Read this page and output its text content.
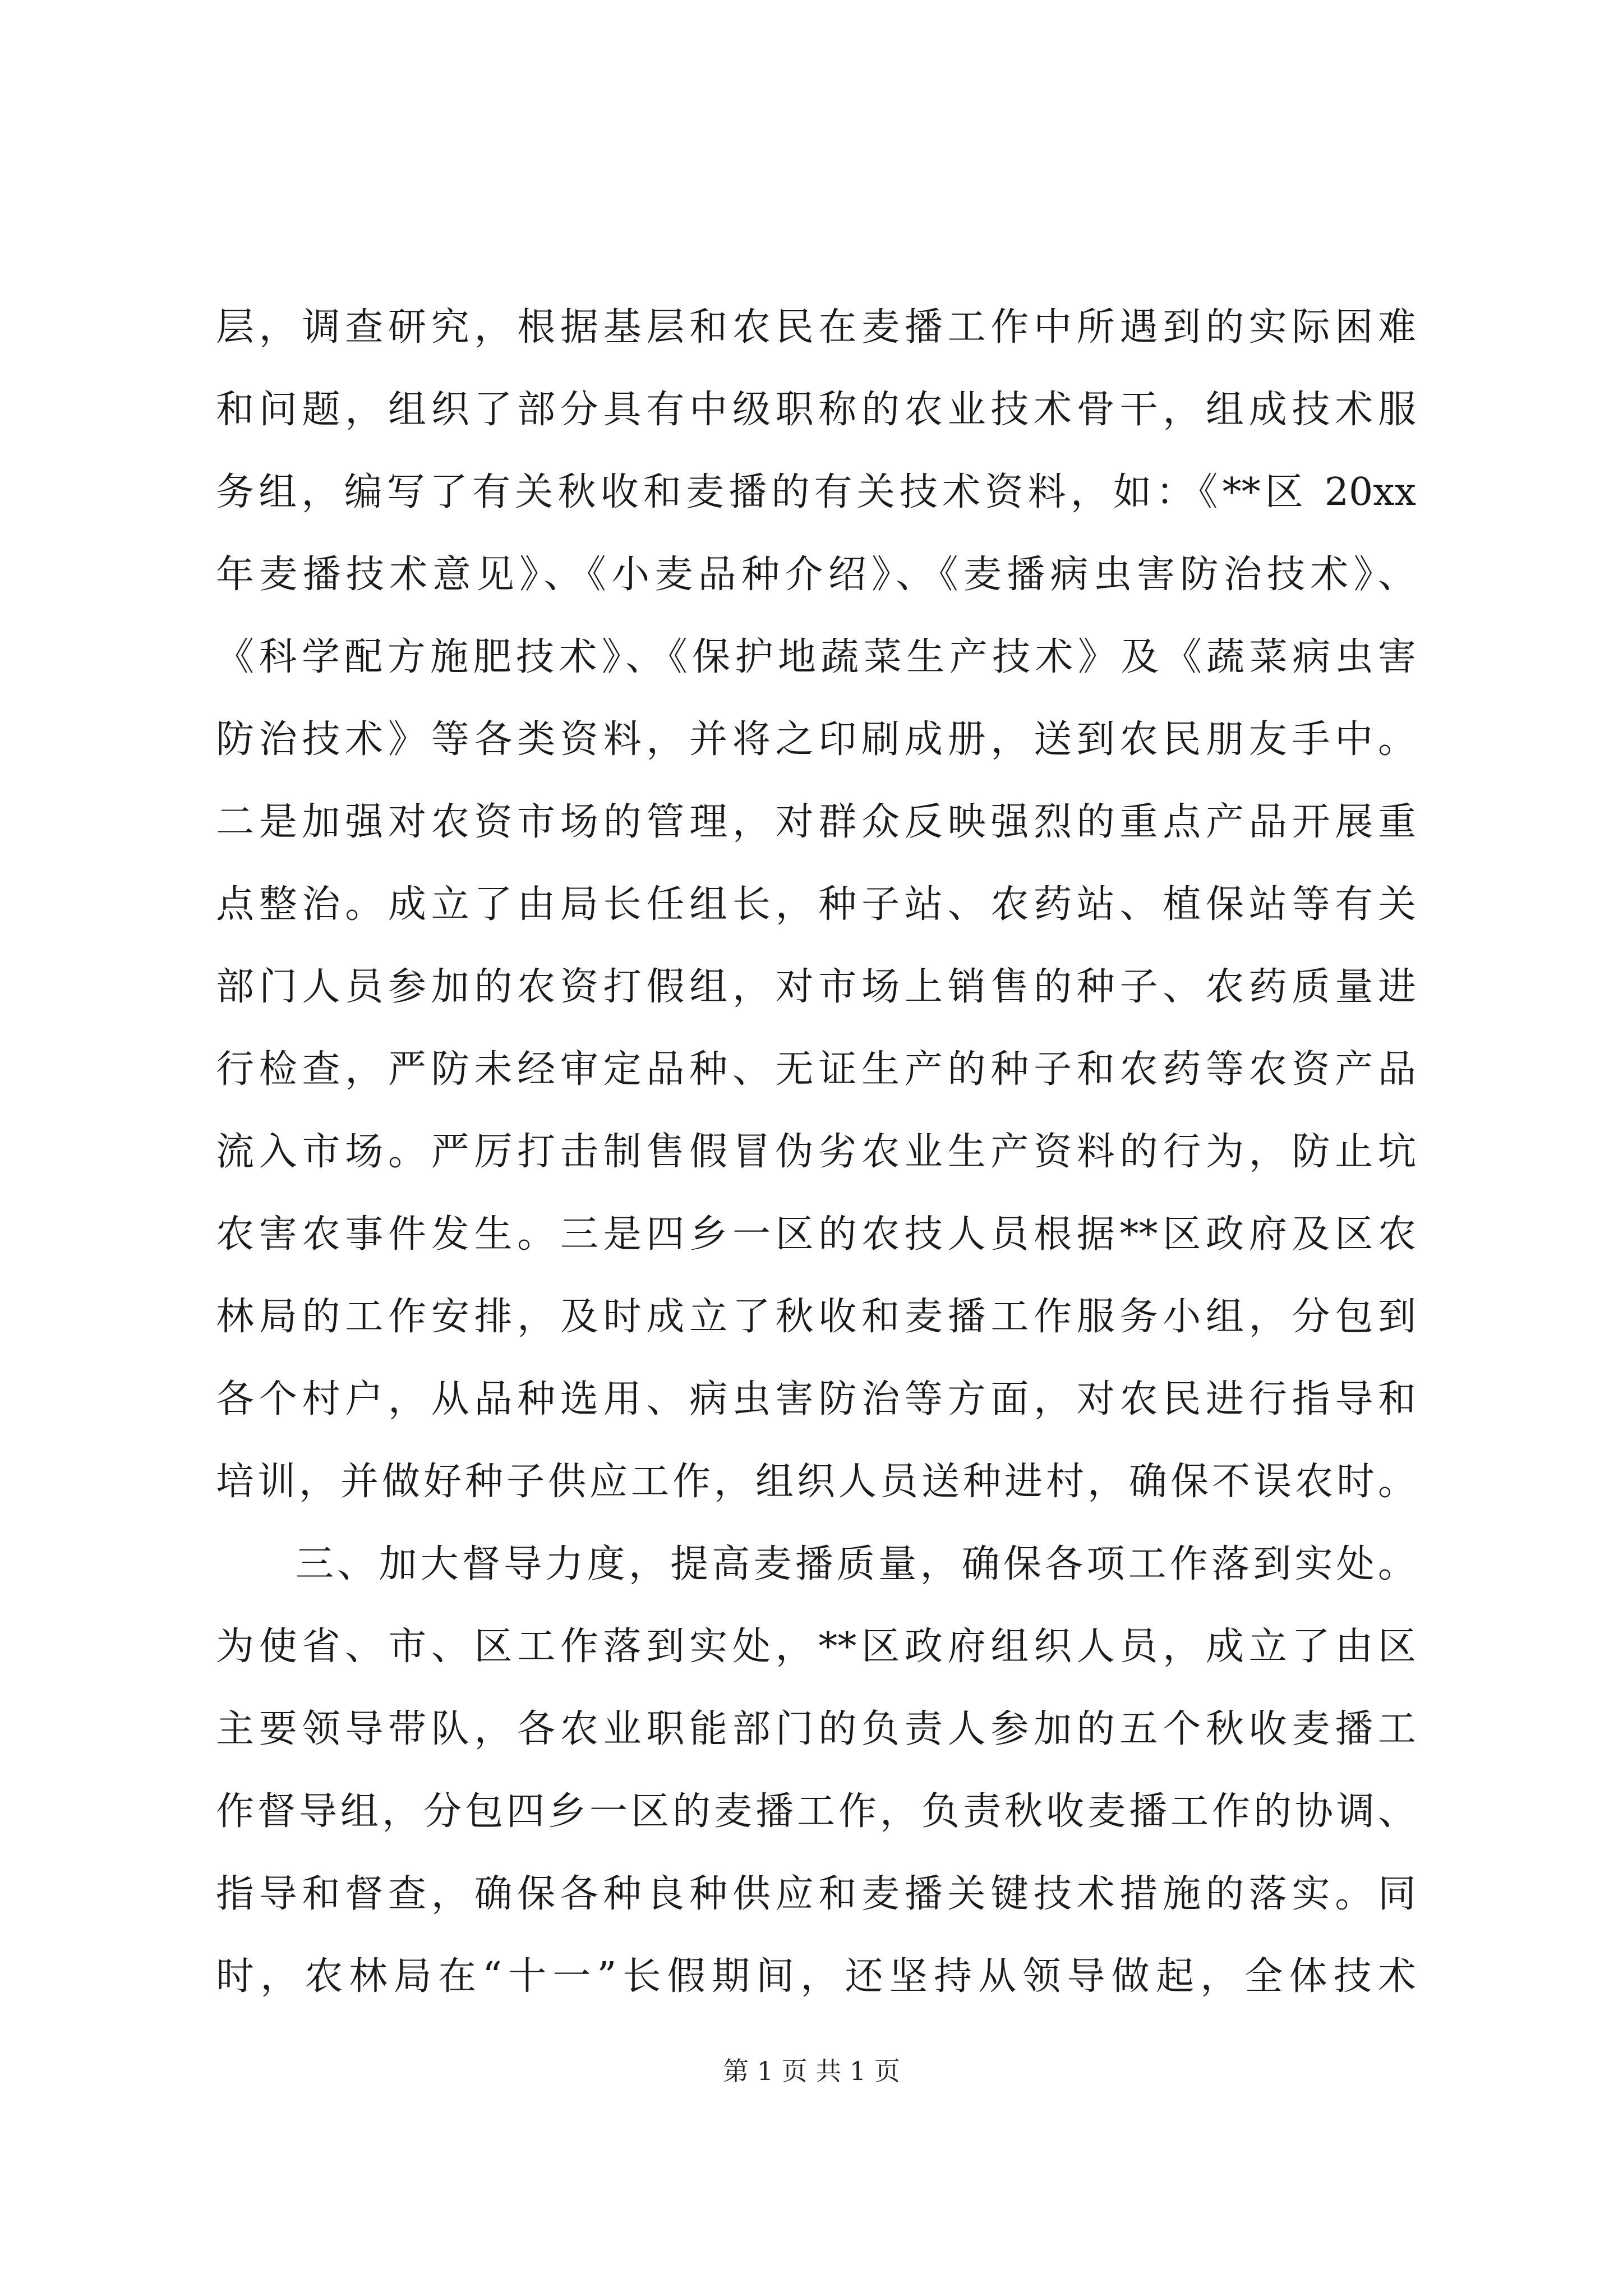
层，调查研究，根据基层和农民在麦播工作中所遇到的实际困难
和问题，组织了部分具有中级职称的农业技术骨干，组成技术服
务组，编写了有关秋收和麦播的有关技术资料，如：《**区 20xx
年麦播技术意见》、《小麦品种介绍》、《麦播病虫害防治技术》、
《科学配方施肥技术》、《保护地蔬菜生产技术》及《蔬菜病虫害
防治技术》等各类资料，并将之印刷成册，送到农民朋友手中。
二是加强对农资市场的管理，对群众反映强烈的重点产品开展重
点整治。成立了由局长任组长，种子站、农药站、植保站等有关
部门人员参加的农资打假组，对市场上销售的种子、农药质量进
行检查，严防未经审定品种、无证生产的种子和农药等农资产品
流入市场。严厉打击制售假冒伪劣农业生产资料的行为，防止坑
农害农事件发生。三是四乡一区的农技人员根据**区政府及区农
林局的工作安排，及时成立了秋收和麦播工作服务小组，分包到
各个村户，从品种选用、病虫害防治等方面，对农民进行指导和
培训，并做好种子供应工作，组织人员送种进村，确保不误农时。
三、加大督导力度，提高麦播质量，确保各项工作落到实处。
为使省、市、区工作落到实处，**区政府组织人员，成立了由区
主要领导带队，各农业职能部门的负责人参加的五个秋收麦播工
作督导组，分包四乡一区的麦播工作，负责秋收麦播工作的协调、
指导和督查，确保各种良种供应和麦播关键技术措施的落实。同
时，农林局在“十一”长假期间，还坚持从领导做起，全体技术
第 1 页 共 1 页
